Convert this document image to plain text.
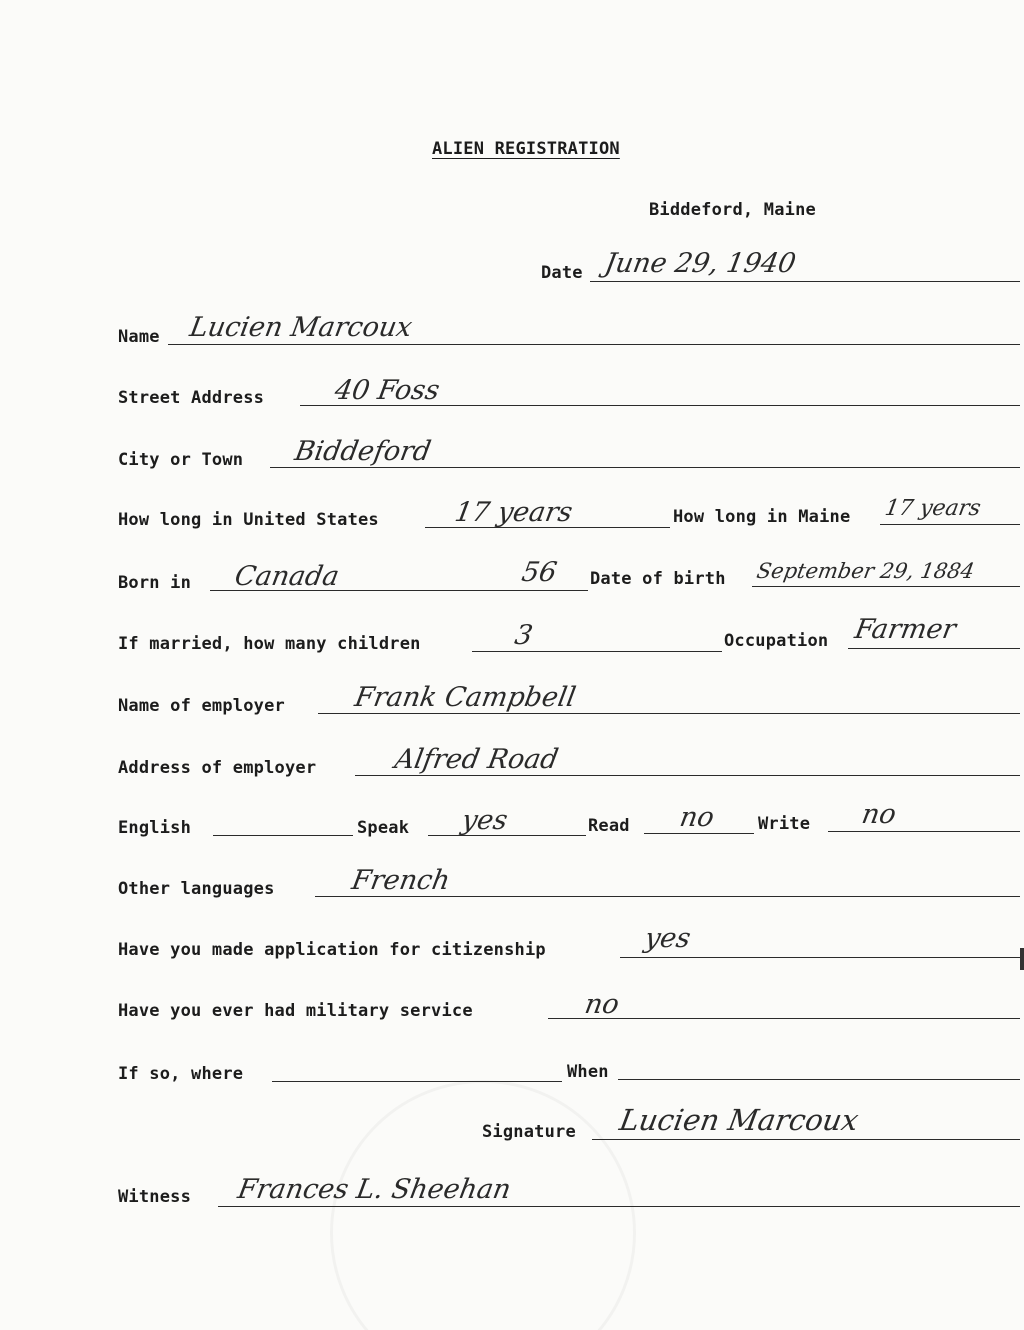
ALIEN REGISTRATION
Biddeford, Maine
Date June 29, 1940
Name Lucien Marcoux
Street Address	40 Foss
City or Town Biddeford
How long in United States	17 years	How long in Maine 17 years
Born in Canada	56 Date of birth September 29, 1884
If married, how many children	3	Occupation Farmer
Name of employer Frank Campbell
Address of employer	Alfred Road
English	Speak yes	Read no Write no
Other languages	French
Have you made application for citizenship	yes
Have you ever had military service	no
If so, where	When
Signature Lucien Marcoux
Witness Frances L. Sheehan
